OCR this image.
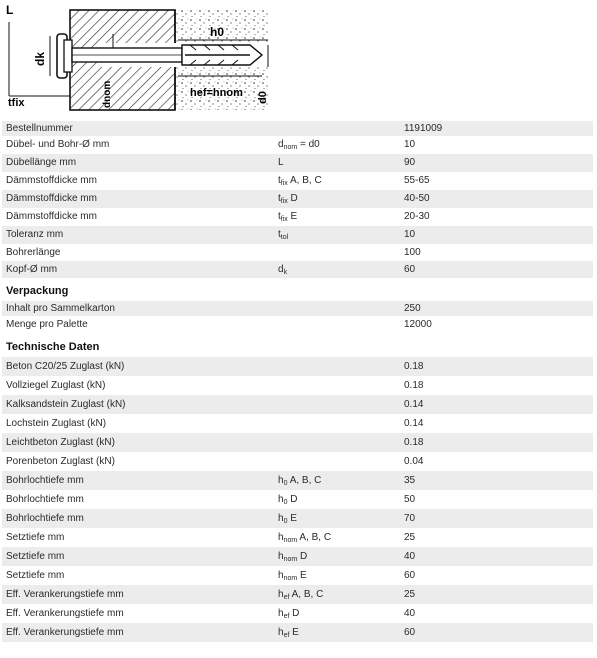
L
dk
tfix
h0
dnom	hef=hnom d0
Bestellnummer	1191009
Dübel- und Bohr-Ø mm	$d_{nom} = d0$	10
Dübellänge mm	L	90
Dämmstoffdicke mm	$t_{fix}$ A, B, C	55-65
Dämmstoffdicke mm	$t_{fix}$ D	40-50
Dämmstoffdicke mm	$t_{fix}$ E	20-30
Toleranz mm	$t_{tol}$	10
Bohrerlänge	100
Kopf-Ø mm	$d_k$	60
Verpackung
Inhalt pro Sammelkarton	250
Menge pro Palette	12000
Technische Daten
Beton C20/25 Zuglast (kN)	0.18
Vollziegel Zuglast (kN)	0.18
Kalksandstein Zuglast (kN)	0.14
Lochstein Zuglast (kN)	0.14
Leichtbeton Zuglast (kN)	0.18
Porenbeton Zuglast (kN)	0.04
Bohrlochtiefe mm	$h_0$ A, B, C	35
Bohrlochtiefe mm	$h_0$ D	50
Bohrlochtiefe mm	$h_0$ E	70
Setztiefe mm	$h_{nom}$ A, B, C	25
Setztiefe mm	$h_{nom}$ D	40
Setztiefe mm	$h_{nom}$ E	60
Eff. Verankerungstiefe mm	$h_{ef}$ A, B, C	25
Eff. Verankerungstiefe mm	$h_{ef}$ D	40
Eff. Verankerungstiefe mm	$h_{ef}$ E	60
